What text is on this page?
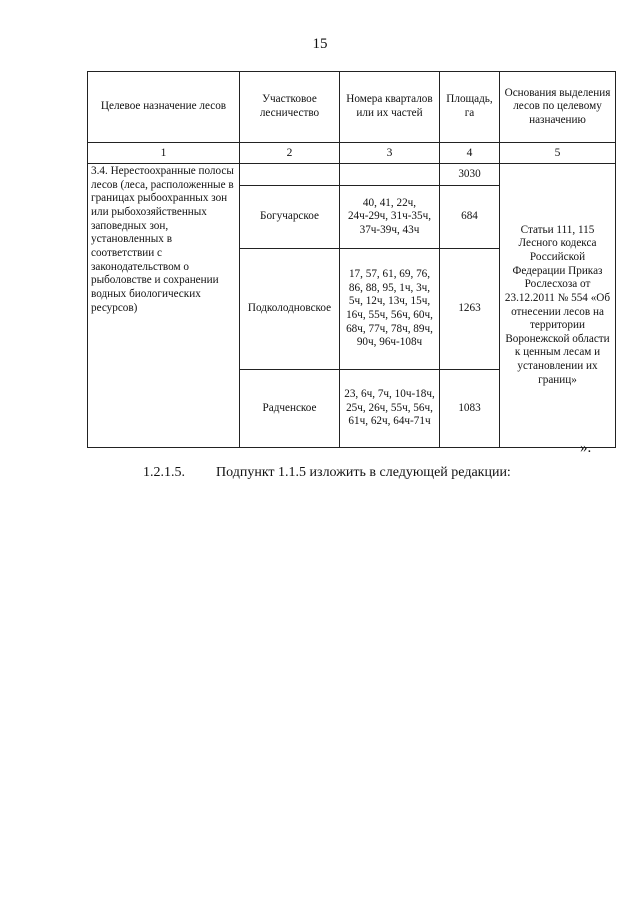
15
Целевое назначение лесов	Участковое лесничество	Номера кварталов или их частей	Площадь, га	Основания выделения лесов по целевому назначению
1	2	3	4	5
3.4. Нерестоохранные полосы лесов (леса, расположенные в границах рыбоохранных зон или рыбохозяйственных заповедных зон, установленных в соответствии с законодательством о рыболовстве и сохранении водных биологических ресурсов)			3030	Статьи 111, 115 Лесного кодекса Российской Федерации Приказ Рослесхоза от 23.12.2011 № 554 «Об отнесении лесов на территории Воронежской области к ценным лесам и установлении их границ»
	Богучарское	40, 41, 22ч, 24ч-29ч, 31ч-35ч, 37ч-39ч, 43ч	684	
	Подколодновское	17, 57, 61, 69, 76, 86, 88, 95, 1ч, 3ч, 5ч, 12ч, 13ч, 15ч, 16ч, 55ч, 56ч, 60ч, 68ч, 77ч, 78ч, 89ч, 90ч, 96ч-108ч	1263	
	Радченское	23, 6ч, 7ч, 10ч-18ч, 25ч, 26ч, 55ч, 56ч, 61ч, 62ч, 64ч-71ч	1083	
».
1.2.1.5. Подпункт 1.1.5 изложить в следующей редакции:
